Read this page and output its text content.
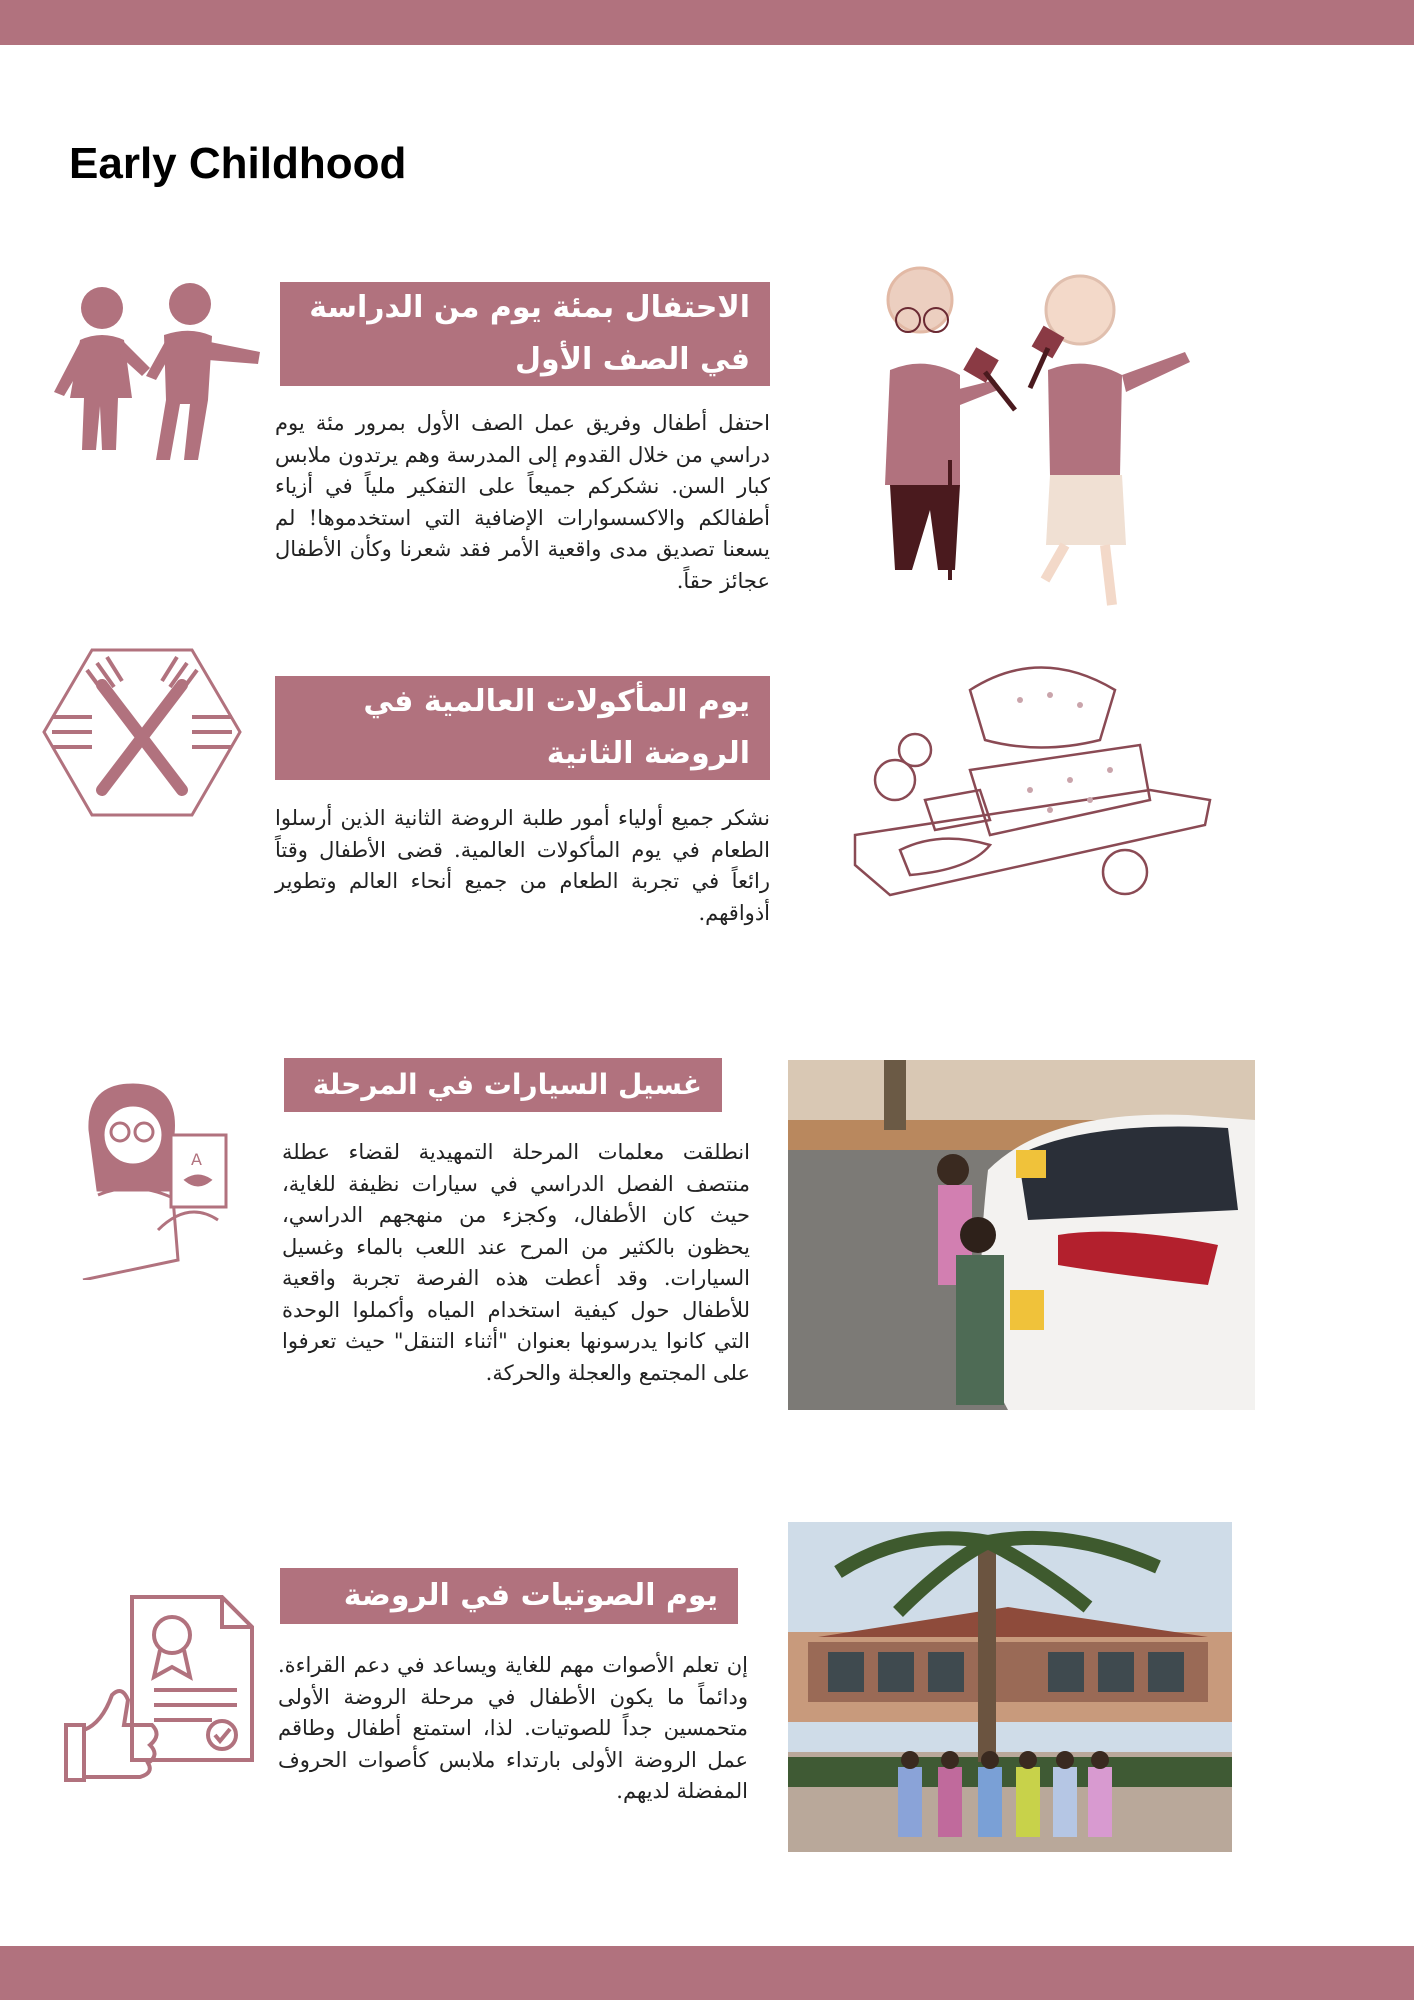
Early Childhood
الاحتفال بمئة يوم من الدراسة في الصف الأول

احتفل أطفال وفريق عمل الصف الأول بمرور مئة يوم دراسي من خلال القدوم إلى المدرسة وهم يرتدون ملابس كبار السن. نشكركم جميعاً على التفكير ملياً في أزياء أطفالكم والاكسسوارات الإضافية التي استخدموها! لم يسعنا تصديق مدى واقعية الأمر فقد شعرنا وكأن الأطفال عجائز حقاً.

يوم المأكولات العالمية في الروضة الثانية

نشكر جميع أولياء أمور طلبة الروضة الثانية الذين أرسلوا الطعام في يوم المأكولات العالمية. قضى الأطفال وقتاً رائعاً في تجربة الطعام من جميع أنحاء العالم وتطوير أذواقهم.

A
غسيل السيارات في المرحلة

انطلقت معلمات المرحلة التمهيدية لقضاء عطلة منتصف الفصل الدراسي في سيارات نظيفة للغاية، حيث كان الأطفال، وكجزء من منهجهم الدراسي، يحظون بالكثير من المرح عند اللعب بالماء وغسيل السيارات. وقد أعطت هذه الفرصة تجربة واقعية للأطفال حول كيفية استخدام المياه وأكملوا الوحدة التي كانوا يدرسونها بعنوان "أثناء التنقل" حيث تعرفوا على المجتمع والعجلة والحركة.

يوم الصوتيات في الروضة

إن تعلم الأصوات مهم للغاية ويساعد في دعم القراءة. ودائماً ما يكون الأطفال في مرحلة الروضة الأولى متحمسين جداً للصوتيات. لذا، استمتع أطفال وطاقم عمل الروضة الأولى بارتداء ملابس كأصوات الحروف المفضلة لديهم.
